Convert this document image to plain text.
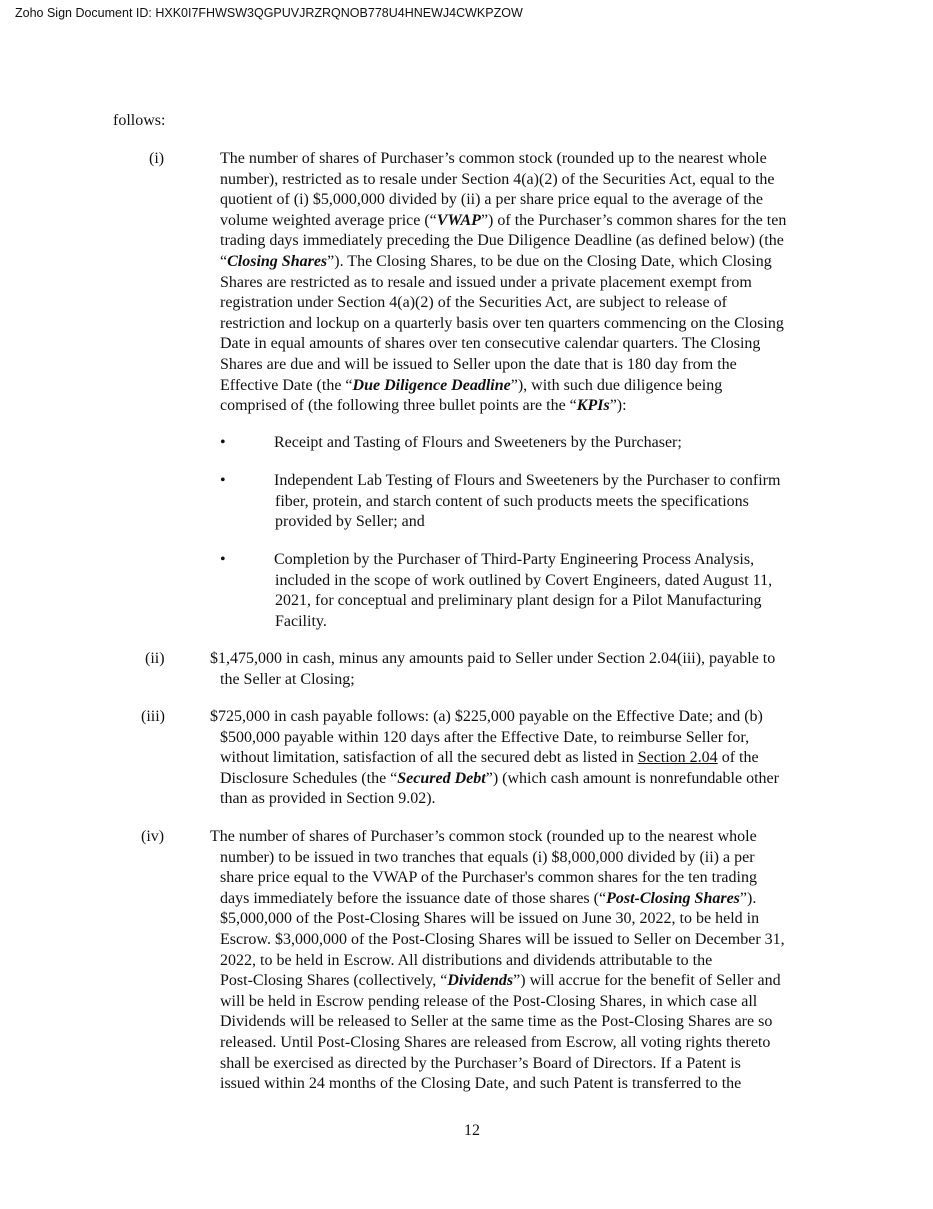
Zoho Sign Document ID: HXK0I7FHWSW3QGPUVJRZRQNOB778U4HNEWJ4CWKPZOW
follows:
(i)	The number of shares of Purchaser’s common stock (rounded up to the nearest whole
number), restricted as to resale under Section 4(a)(2) of the Securities Act, equal to the
quotient of (i) $5,000,000 divided by (ii) a per share price equal to the average of the
volume weighted average price (“VWAP”) of the Purchaser’s common shares for the ten
trading days immediately preceding the Due Diligence Deadline (as defined below) (the
“Closing Shares”). The Closing Shares, to be due on the Closing Date, which Closing
Shares are restricted as to resale and issued under a private placement exempt from
registration under Section 4(a)(2) of the Securities Act, are subject to release of
restriction and lockup on a quarterly basis over ten quarters commencing on the Closing
Date in equal amounts of shares over ten consecutive calendar quarters. The Closing
Shares are due and will be issued to Seller upon the date that is 180 day from the
Effective Date (the “Due Diligence Deadline”), with such due diligence being
comprised of (the following three bullet points are the “KPIs”):
•	Receipt and Tasting of Flours and Sweeteners by the Purchaser;
•	Independent Lab Testing of Flours and Sweeteners by the Purchaser to confirm
fiber, protein, and starch content of such products meets the specifications
provided by Seller; and
•	Completion by the Purchaser of Third-Party Engineering Process Analysis,
included in the scope of work outlined by Covert Engineers, dated August 11,
2021, for conceptual and preliminary plant design for a Pilot Manufacturing
Facility.
(ii)	$1,475,000 in cash, minus any amounts paid to Seller under Section 2.04(iii), payable to
the Seller at Closing;
(iii)	$725,000 in cash payable follows: (a) $225,000 payable on the Effective Date; and (b)
$500,000 payable within 120 days after the Effective Date, to reimburse Seller for,
without limitation, satisfaction of all the secured debt as listed in Section 2.04 of the
Disclosure Schedules (the “Secured Debt”) (which cash amount is nonrefundable other
than as provided in Section 9.02).
(iv)	The number of shares of Purchaser’s common stock (rounded up to the nearest whole
number) to be issued in two tranches that equals (i) $8,000,000 divided by (ii) a per
share price equal to the VWAP of the Purchaser's common shares for the ten trading
days immediately before the issuance date of those shares (“Post-Closing Shares”).
$5,000,000 of the Post-Closing Shares will be issued on June 30, 2022, to be held in
Escrow. $3,000,000 of the Post-Closing Shares will be issued to Seller on December 31,
2022, to be held in Escrow. All distributions and dividends attributable to the
Post-Closing Shares (collectively, “Dividends”) will accrue for the benefit of Seller and
will be held in Escrow pending release of the Post-Closing Shares, in which case all
Dividends will be released to Seller at the same time as the Post-Closing Shares are so
released. Until Post-Closing Shares are released from Escrow, all voting rights thereto
shall be exercised as directed by the Purchaser’s Board of Directors. If a Patent is
issued within 24 months of the Closing Date, and such Patent is transferred to the
12
